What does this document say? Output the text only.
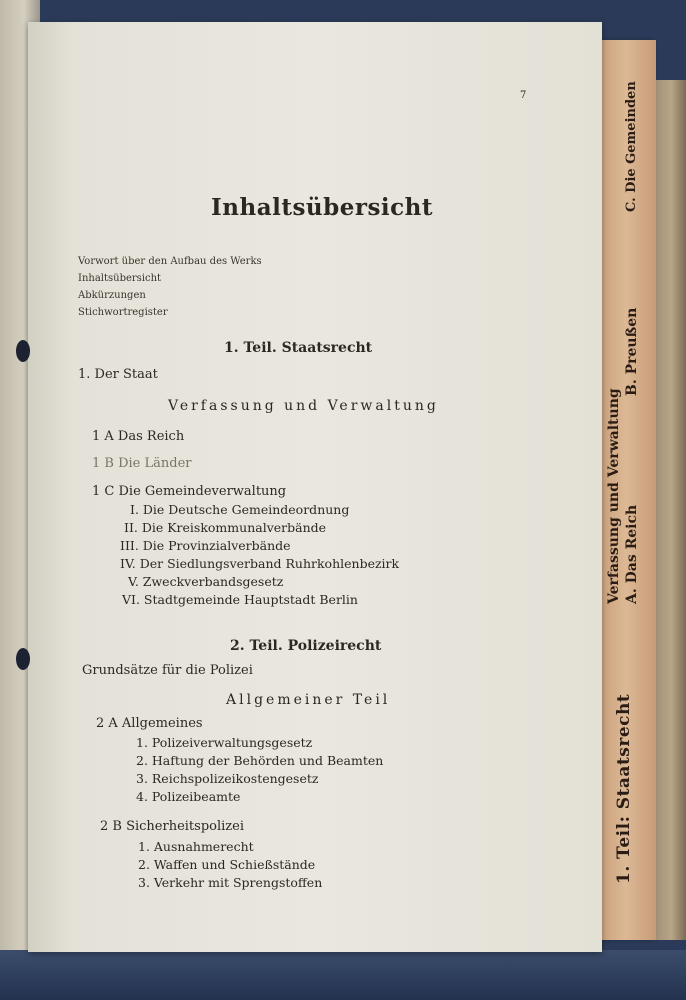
1. Teil: Staatsrecht
Verfassung und Verwaltung A. Das Reich
B. Preußen
C. Die Gemeinden
7
Inhaltsübersicht
Vorwort über den Aufbau des Werks
Inhaltsübersicht
Abkürzungen
Stichwortregister
1. Teil. Staatsrecht
1. Der Staat
Verfassung und Verwaltung
1 A Das Reich
1 B Die Länder
1 C Die Gemeindeverwaltung
I. Die Deutsche Gemeindeordnung
II. Die Kreiskommunalverbände
III. Die Provinzialverbände
IV. Der Siedlungsverband Ruhrkohlenbezirk
V. Zweckverbandsgesetz
VI. Stadtgemeinde Hauptstadt Berlin
2. Teil. Polizeirecht
Grundsätze für die Polizei
Allgemeiner Teil
2 A Allgemeines
1. Polizeiverwaltungsgesetz
2. Haftung der Behörden und Beamten
3. Reichspolizeikostengesetz
4. Polizeibeamte
2 B Sicherheitspolizei
1. Ausnahmerecht
2. Waffen und Schießstände
3. Verkehr mit Sprengstoffen
